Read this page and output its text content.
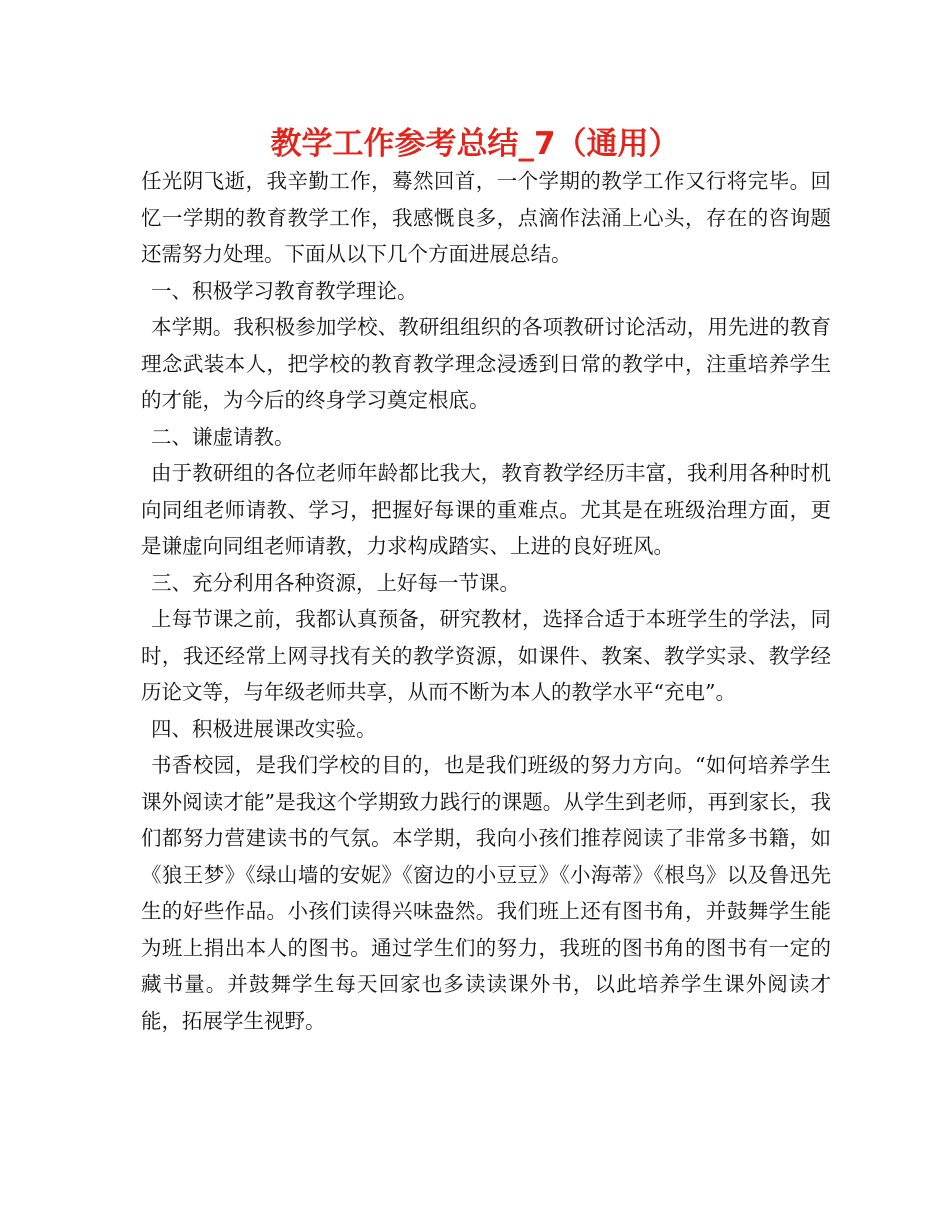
教学工作参考总结_7（通用）

任光阴飞逝，我辛勤工作，蓦然回首，一个学期的教学工作又行将完毕。回忆一学期的教育教学工作，我感慨良多，点滴作法涌上心头，存在的咨询题还需努力处理。下面从以下几个方面进展总结。

一、积极学习教育教学理论。

本学期。我积极参加学校、教研组组织的各项教研讨论活动，用先进的教育理念武装本人，把学校的教育教学理念浸透到日常的教学中，注重培养学生的才能，为今后的终身学习奠定根底。

二、谦虚请教。

由于教研组的各位老师年龄都比我大，教育教学经历丰富，我利用各种时机向同组老师请教、学习，把握好每课的重难点。尤其是在班级治理方面，更是谦虚向同组老师请教，力求构成踏实、上进的良好班风。

三、充分利用各种资源，上好每一节课。

上每节课之前，我都认真预备，研究教材，选择合适于本班学生的学法，同时，我还经常上网寻找有关的教学资源，如课件、教案、教学实录、教学经历论文等，与年级老师共享，从而不断为本人的教学水平“充电”。

四、积极进展课改实验。

书香校园，是我们学校的目的，也是我们班级的努力方向。“如何培养学生课外阅读才能”是我这个学期致力践行的课题。从学生到老师，再到家长，我们都努力营建读书的气氛。本学期，我向小孩们推荐阅读了非常多书籍，如《狼王梦》《绿山墙的安妮》《窗边的小豆豆》《小海蒂》《根鸟》以及鲁迅先生的好些作品。小孩们读得兴味盎然。我们班上还有图书角，并鼓舞学生能为班上捐出本人的图书。通过学生们的努力，我班的图书角的图书有一定的藏书量。并鼓舞学生每天回家也多读读课外书，以此培养学生课外阅读才能，拓展学生视野。
